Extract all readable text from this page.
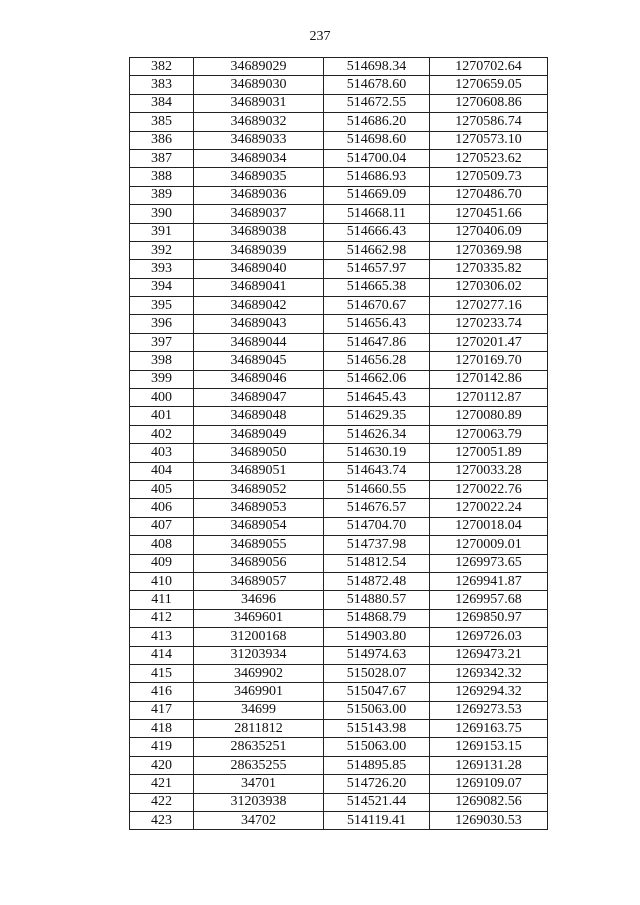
237
382	34689029	514698.34	1270702.64
383	34689030	514678.60	1270659.05
384	34689031	514672.55	1270608.86
385	34689032	514686.20	1270586.74
386	34689033	514698.60	1270573.10
387	34689034	514700.04	1270523.62
388	34689035	514686.93	1270509.73
389	34689036	514669.09	1270486.70
390	34689037	514668.11	1270451.66
391	34689038	514666.43	1270406.09
392	34689039	514662.98	1270369.98
393	34689040	514657.97	1270335.82
394	34689041	514665.38	1270306.02
395	34689042	514670.67	1270277.16
396	34689043	514656.43	1270233.74
397	34689044	514647.86	1270201.47
398	34689045	514656.28	1270169.70
399	34689046	514662.06	1270142.86
400	34689047	514645.43	1270112.87
401	34689048	514629.35	1270080.89
402	34689049	514626.34	1270063.79
403	34689050	514630.19	1270051.89
404	34689051	514643.74	1270033.28
405	34689052	514660.55	1270022.76
406	34689053	514676.57	1270022.24
407	34689054	514704.70	1270018.04
408	34689055	514737.98	1270009.01
409	34689056	514812.54	1269973.65
410	34689057	514872.48	1269941.87
411	34696	514880.57	1269957.68
412	3469601	514868.79	1269850.97
413	31200168	514903.80	1269726.03
414	31203934	514974.63	1269473.21
415	3469902	515028.07	1269342.32
416	3469901	515047.67	1269294.32
417	34699	515063.00	1269273.53
418	2811812	515143.98	1269163.75
419	28635251	515063.00	1269153.15
420	28635255	514895.85	1269131.28
421	34701	514726.20	1269109.07
422	31203938	514521.44	1269082.56
423	34702	514119.41	1269030.53
